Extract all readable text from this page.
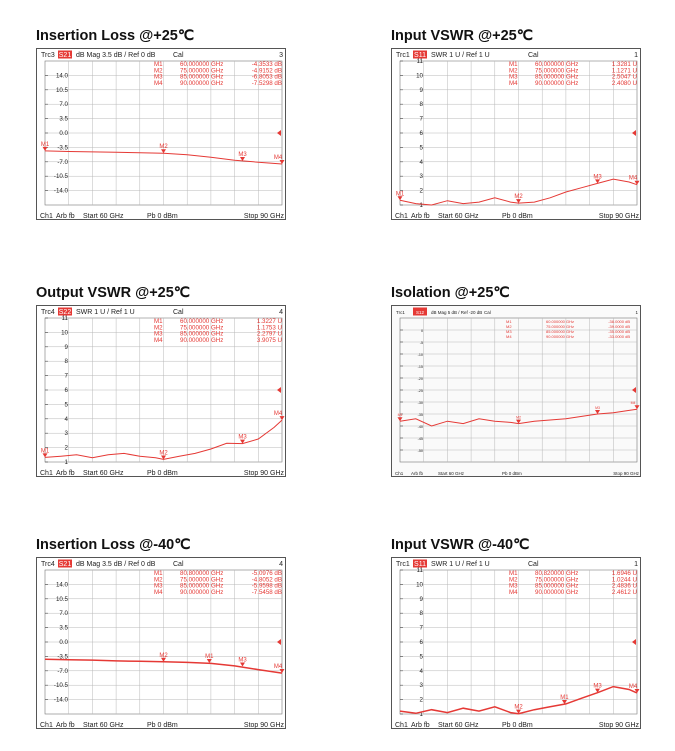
Insertion Loss @+25℃
Trc3 S21 dB Mag 3.5 dB / Ref 0 dB	Cal	3
14.0
10.5
7.0
3.5
0.0
-3.5
-7.0
-10.5
-14.0
M1	60.000000 GHz	-4.3533 dB
M2	75.000000 GHz	-4.9152 dB
M3	85.000000 GHz	-6.8053 dB
M4	90.000000 GHz	-7.5298 dB
M1	M2
M3	M4
Ch1 Arb fb Start 60 GHz	Pb 0 dBm	Stop 90 GHz
Input VSWR @+25℃
Trc1 S11 SWR 1 U / Ref 1 U	Cal	1
11
10
9
8
7
6
5
4
3
2
1
M1	60.000000 GHz	1.3281 U
M2	75.000000 GHz	1.1271 U
M3	85.000000 GHz	2.5047 U
M4	90.000000 GHz	2.4080 U
M1	M2
M3	M4
Ch1 Arb fb Start 60 GHz	Pb 0 dBm	Stop 90 GHz
Output VSWR @+25℃
Trc4 S22 SWR 1 U / Ref 1 U	Cal	4
11
10
9
8
7
6
5
4
3
2
1
M1	60.000000 GHz	1.3227 U
M2	75.000000 GHz	1.1753 U
M3	85.000000 GHz	2.2797 U
M4	90.000000 GHz	3.9075 U
M1	M2
M3
M4
Ch1 Arb fb Start 60 GHz	Pb 0 dBm	Stop 90 GHz
Isolation @+25℃
Trc1 S12 dB Mag 5 dB / Ref -20 dB Cal	1
0
-5
-10
-15
-20
-25
-30
-35
-40
-45
-50
M1	60.000000 GHz	-38.0000 dB
M2	75.000000 GHz	-39.0000 dB
M3	85.000000 GHz	-35.0000 dB
M4	90.000000 GHz	-33.0000 dB
M1
M2
M3
M4
Ch1 Arb fb	Start 60 GHz	Pb 0 dBm	Stop 90 GHz
Insertion Loss @-40℃
Trc4 S21 dB Mag 3.5 dB / Ref 0 dB	Cal	4
14.0
10.5
7.0
3.5
0.0
-3.5
-7.0
-10.5
-14.0
M1	80.800000 GHz	-5.0976 dB
M2	75.000000 GHz	-4.8052 dB
M3	85.000000 GHz	-5.9598 dB
M4	90.000000 GHz	-7.5458 dB
M1
M2
M3
M4
Ch1 Arb fb Start 60 GHz	Pb 0 dBm	Stop 90 GHz
Input VSWR @-40℃
Trc1 S11 SWR 1 U / Ref 1 U	Cal	1
11
10
9
8
7
6
5
4
3
2
1
M1	80.820000 GHz	1.6946 U
M2	75.000000 GHz	1.0244 U
M3	85.000000 GHz	2.4836 U
M4	90.000000 GHz	2.4612 U
M1
M2
M3	M4
Ch1 Arb fb Start 60 GHz	Pb 0 dBm	Stop 90 GHz
